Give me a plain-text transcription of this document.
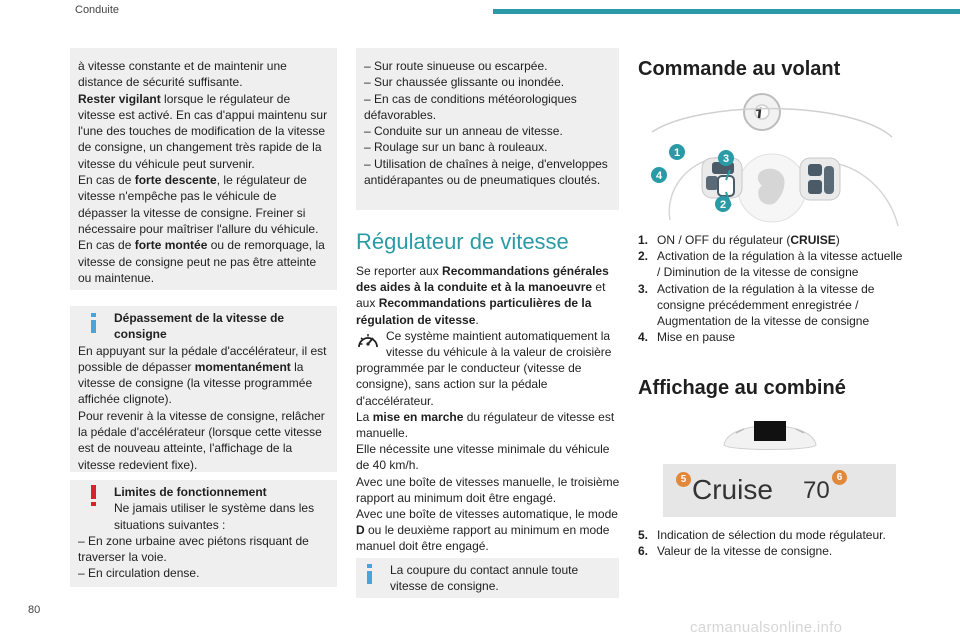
Conduite

à vitesse constante et de maintenir une distance de sécurité suffisante.

Rester vigilant lorsque le régulateur de vitesse est activé. En cas d'appui maintenu sur l'une des touches de modification de la vitesse de consigne, un changement très rapide de la vitesse du véhicule peut survenir.

En cas de forte descente, le régulateur de vitesse n'empêche pas le véhicule de dépasser la vitesse de consigne. Freiner si nécessaire pour maîtriser l'allure du véhicule.

En cas de forte montée ou de remorquage, la vitesse de consigne peut ne pas être atteinte ou maintenue.

Dépassement de la vitesse de consigne

En appuyant sur la pédale d'accélérateur, il est possible de dépasser momentanément la vitesse de consigne (la vitesse programmée affichée clignote).

Pour revenir à la vitesse de consigne, relâcher la pédale d'accélérateur (lorsque cette vitesse est de nouveau atteinte, l'affichage de la vitesse redevient fixe).

Limites de fonctionnement

Ne jamais utiliser le système dans les situations suivantes :

– En zone urbaine avec piétons risquant de traverser la voie.

– En circulation dense.

– Sur route sinueuse ou escarpée.

– Sur chaussée glissante ou inondée.

– En cas de conditions météorologiques défavorables.

– Conduite sur un anneau de vitesse.

– Roulage sur un banc à rouleaux.

– Utilisation de chaînes à neige, d'enveloppes antidérapantes ou de pneumatiques cloutés.

Régulateur de vitesse

Se reporter aux Recommandations générales des aides à la conduite et à la manoeuvre et aux Recommandations particulières de la régulation de vitesse.

Ce système maintient automatiquement la vitesse du véhicule à la valeur de croisière programmée par le conducteur (vitesse de consigne), sans action sur la pédale d'accélérateur.

La mise en marche du régulateur de vitesse est manuelle.

Elle nécessite une vitesse minimale du véhicule de 40 km/h.

Avec une boîte de vitesses manuelle, le troisième rapport au minimum doit être engagé.

Avec une boîte de vitesses automatique, le mode D ou le deuxième rapport au minimum en mode manuel doit être engagé.

La coupure du contact annule toute vitesse de consigne.

Commande au volant
1	3
4
2
1. ON / OFF du régulateur (CRUISE)
2. Activation de la régulation à la vitesse actuelle / Diminution de la vitesse de consigne
3. Activation de la régulation à la vitesse de consigne précédemment enregistrée / Augmentation de la vitesse de consigne
4. Mise en pause
Affichage au combiné
5 Cruise 70 6
5. Indication de sélection du mode régulateur.
6. Valeur de la vitesse de consigne.
80
carmanualsonline.info
